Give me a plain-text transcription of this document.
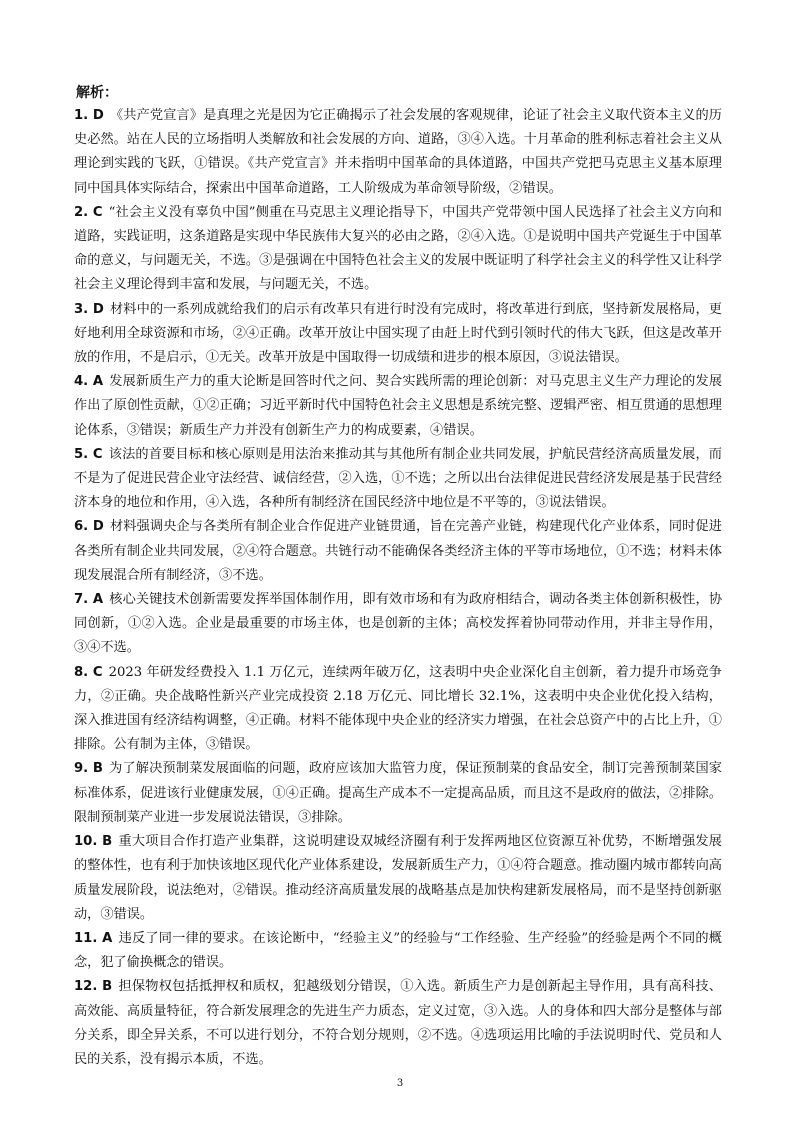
解析：

1. D 《共产党宣言》是真理之光是因为它正确揭示了社会发展的客观规律，论证了社会主义取代资本主义的历史必然。站在人民的立场指明人类解放和社会发展的方向、道路，③④入选。十月革命的胜利标志着社会主义从理论到实践的飞跃，①错误。《共产党宣言》并未指明中国革命的具体道路，中国共产党把马克思主义基本原理同中国具体实际结合，探索出中国革命道路，工人阶级成为革命领导阶级，②错误。

2. C “社会主义没有辜负中国”侧重在马克思主义理论指导下，中国共产党带领中国人民选择了社会主义方向和道路，实践证明，这条道路是实现中华民族伟大复兴的必由之路，②④入选。①是说明中国共产党诞生于中国革命的意义，与问题无关，不选。③是强调在中国特色社会主义的发展中既证明了科学社会主义的科学性又让科学社会主义理论得到丰富和发展，与问题无关，不选。

3. D 材料中的一系列成就给我们的启示有改革只有进行时没有完成时，将改革进行到底，坚持新发展格局，更好地利用全球资源和市场，②④正确。改革开放让中国实现了由赶上时代到引领时代的伟大飞跃，但这是改革开放的作用，不是启示，①无关。改革开放是中国取得一切成绩和进步的根本原因，③说法错误。

4. A 发展新质生产力的重大论断是回答时代之问、契合实践所需的理论创新：对马克思主义生产力理论的发展作出了原创性贡献，①②正确；习近平新时代中国特色社会主义思想是系统完整、逻辑严密、相互贯通的思想理论体系，③错误；新质生产力并没有创新生产力的构成要素，④错误。

5. C 该法的首要目标和核心原则是用法治来推动其与其他所有制企业共同发展，护航民营经济高质量发展，而不是为了促进民营企业守法经营、诚信经营，②入选，①不选；之所以出台法律促进民营经济发展是基于民营经济本身的地位和作用，④入选，各种所有制经济在国民经济中地位是不平等的，③说法错误。

6. D 材料强调央企与各类所有制企业合作促进产业链贯通，旨在完善产业链，构建现代化产业体系，同时促进各类所有制企业共同发展，②④符合题意。共链行动不能确保各类经济主体的平等市场地位，①不选；材料未体现发展混合所有制经济，③不选。

7. A 核心关键技术创新需要发挥举国体制作用，即有效市场和有为政府相结合，调动各类主体创新积极性，协同创新，①②入选。企业是最重要的市场主体，也是创新的主体；高校发挥着协同带动作用，并非主导作用，③④不选。

8. C 2023 年研发经费投入 1.1 万亿元，连续两年破万亿，这表明中央企业深化自主创新，着力提升市场竞争力，②正确。央企战略性新兴产业完成投资 2.18 万亿元、同比增长 32.1%，这表明中央企业优化投入结构，深入推进国有经济结构调整，④正确。材料不能体现中央企业的经济实力增强，在社会总资产中的占比上升，①排除。公有制为主体，③错误。

9. B 为了解决预制菜发展面临的问题，政府应该加大监管力度，保证预制菜的食品安全，制订完善预制菜国家标准体系，促进该行业健康发展，①④正确。提高生产成本不一定提高品质，而且这不是政府的做法，②排除。限制预制菜产业进一步发展说法错误，③排除。

10. B 重大项目合作打造产业集群，这说明建设双城经济圈有利于发挥两地区位资源互补优势，不断增强发展的整体性，也有利于加快该地区现代化产业体系建设，发展新质生产力，①④符合题意。推动圈内城市都转向高质量发展阶段，说法绝对，②错误。推动经济高质量发展的战略基点是加快构建新发展格局，而不是坚持创新驱动，③错误。

11. A 违反了同一律的要求。在该论断中，“经验主义”的经验与“工作经验、生产经验”的经验是两个不同的概念，犯了偷换概念的错误。

12. B 担保物权包括抵押权和质权，犯越级划分错误，①入选。新质生产力是创新起主导作用，具有高科技、高效能、高质量特征，符合新发展理念的先进生产力质态，定义过宽，③入选。人的身体和四大部分是整体与部分关系，即全异关系，不可以进行划分，不符合划分规则，②不选。④选项运用比喻的手法说明时代、党员和人民的关系，没有揭示本质，不选。

3
